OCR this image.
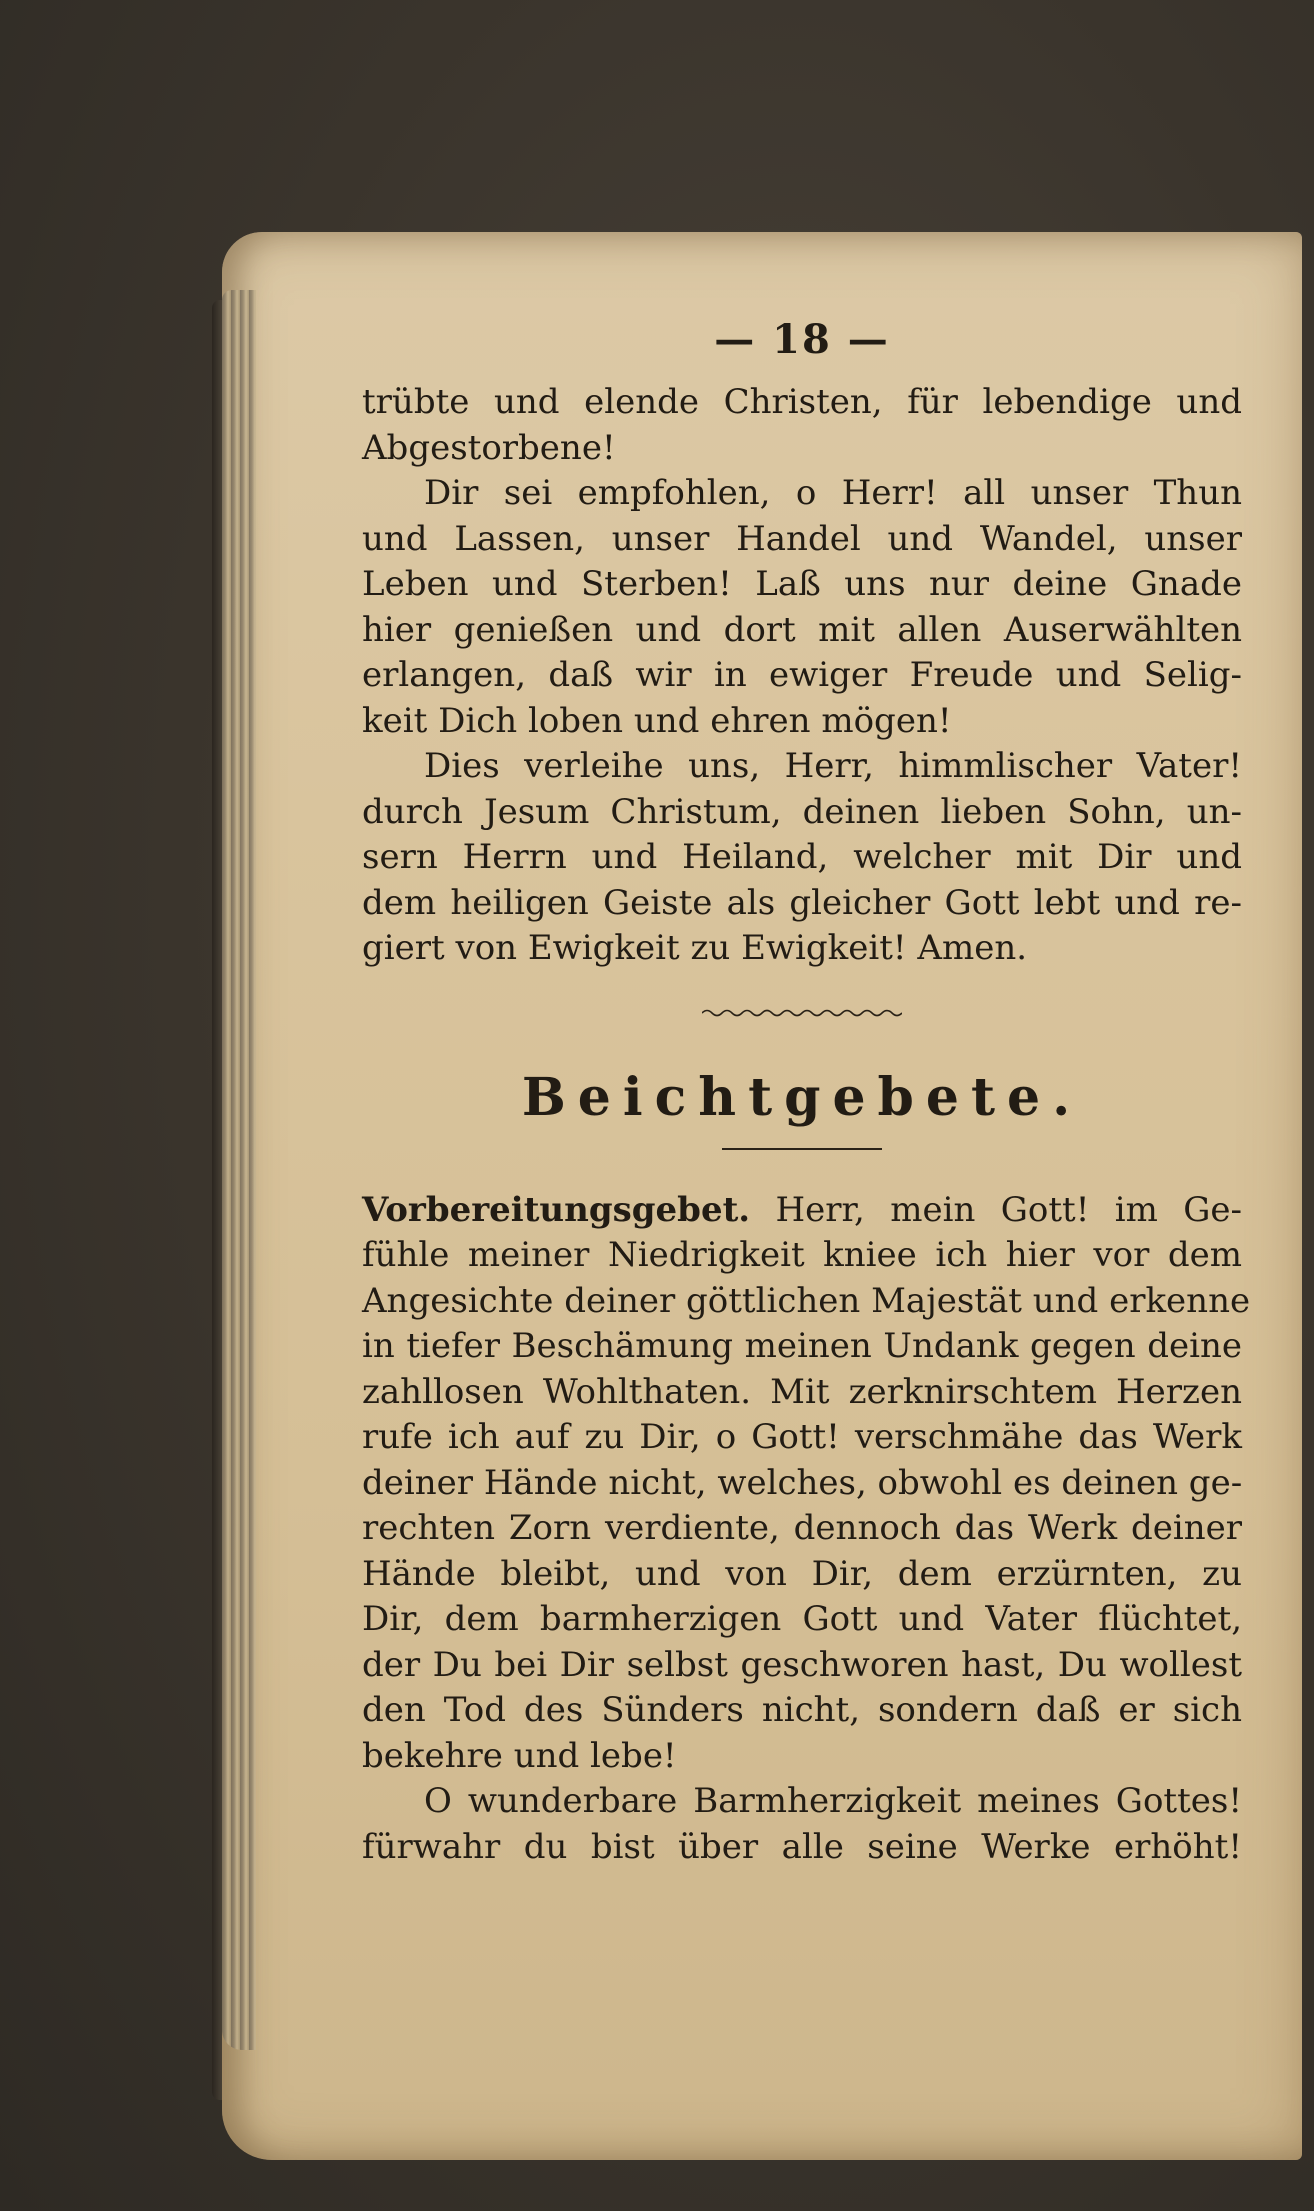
— 18 —
trübte und elende Christen, für lebendige und
Abgestorbene!
Dir sei empfohlen, o Herr! all unser Thun
und Lassen, unser Handel und Wandel, unser
Leben und Sterben! Laß uns nur deine Gnade
hier genießen und dort mit allen Auserwählten
erlangen, daß wir in ewiger Freude und Selig-
keit Dich loben und ehren mögen!
Dies verleihe uns, Herr, himmlischer Vater!
durch Jesum Christum, deinen lieben Sohn, un-
sern Herrn und Heiland, welcher mit Dir und
dem heiligen Geiste als gleicher Gott lebt und re-
giert von Ewigkeit zu Ewigkeit! Amen.
Beichtgebete.
Vorbereitungsgebet. Herr, mein Gott! im Ge-
fühle meiner Niedrigkeit kniee ich hier vor dem
Angesichte deiner göttlichen Majestät und erkenne
in tiefer Beschämung meinen Undank gegen deine
zahllosen Wohlthaten. Mit zerknirschtem Herzen
rufe ich auf zu Dir, o Gott! verschmähe das Werk
deiner Hände nicht, welches, obwohl es deinen ge-
rechten Zorn verdiente, dennoch das Werk deiner
Hände bleibt, und von Dir, dem erzürnten, zu
Dir, dem barmherzigen Gott und Vater flüchtet,
der Du bei Dir selbst geschworen hast, Du wollest
den Tod des Sünders nicht, sondern daß er sich
bekehre und lebe!
O wunderbare Barmherzigkeit meines Gottes!
fürwahr du bist über alle seine Werke erhöht!
